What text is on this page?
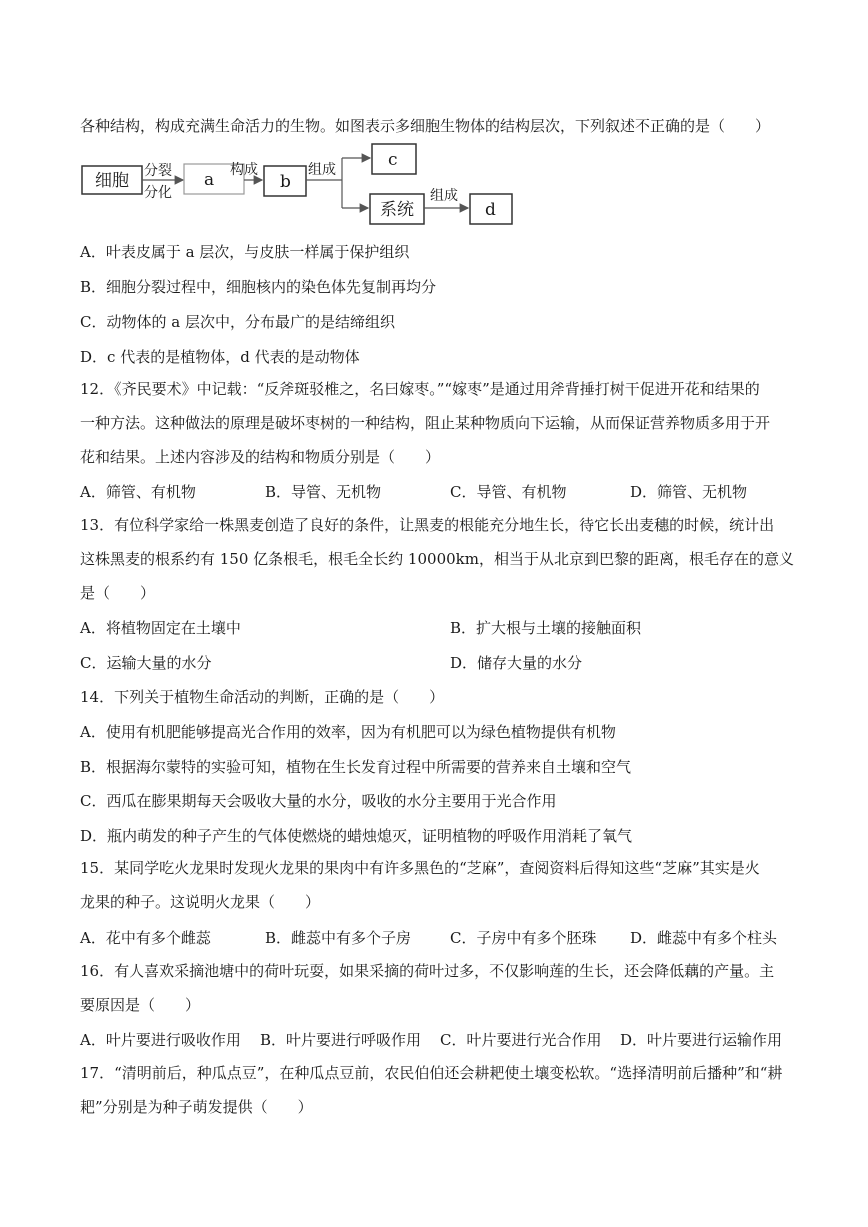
各种结构，构成充满生命活力的生物。如图表示多细胞生物体的结构层次，下列叙述不正确的是（　　）
细胞 分裂
分化
a 构成
b
组成	c
系统
组成
d
A．叶表皮属于 a 层次，与皮肤一样属于保护组织
B．细胞分裂过程中，细胞核内的染色体先复制再均分
C．动物体的 a 层次中，分布最广的是结缔组织
D．c 代表的是植物体，d 代表的是动物体
12．《齐民要术》中记载：“反斧斑驳椎之，名曰嫁枣。”“嫁枣”是通过用斧背捶打树干促进开花和结果的
一种方法。这种做法的原理是破坏枣树的一种结构，阻止某种物质向下运输，从而保证营养物质多用于开
花和结果。上述内容涉及的结构和物质分别是（　　）
A．筛管、有机物	B．导管、无机物	C．导管、有机物	D．筛管、无机物
13．有位科学家给一株黑麦创造了良好的条件，让黑麦的根能充分地生长，待它长出麦穗的时候，统计出
这株黑麦的根系约有 150 亿条根毛，根毛全长约 10000km，相当于从北京到巴黎的距离，根毛存在的意义
是（　　）
A．将植物固定在土壤中	B．扩大根与土壤的接触面积
C．运输大量的水分	D．储存大量的水分
14．下列关于植物生命活动的判断，正确的是（　　）
A．使用有机肥能够提高光合作用的效率，因为有机肥可以为绿色植物提供有机物
B．根据海尔蒙特的实验可知，植物在生长发育过程中所需要的营养来自土壤和空气
C．西瓜在膨果期每天会吸收大量的水分，吸收的水分主要用于光合作用
D．瓶内萌发的种子产生的气体使燃烧的蜡烛熄灭，证明植物的呼吸作用消耗了氧气
15．某同学吃火龙果时发现火龙果的果肉中有许多黑色的“芝麻”，查阅资料后得知这些“芝麻”其实是火
龙果的种子。这说明火龙果（　　）
A．花中有多个雌蕊	B．雌蕊中有多个子房	C．子房中有多个胚珠	D．雌蕊中有多个柱头
16．有人喜欢采摘池塘中的荷叶玩耍，如果采摘的荷叶过多，不仅影响莲的生长，还会降低藕的产量。主
要原因是（　　）
A．叶片要进行吸收作用	B．叶片要进行呼吸作用	C．叶片要进行光合作用	D．叶片要进行运输作用
17．“清明前后，种瓜点豆”，在种瓜点豆前，农民伯伯还会耕耙使土壤变松软。“选择清明前后播种”和“耕
耙”分别是为种子萌发提供（　　）
